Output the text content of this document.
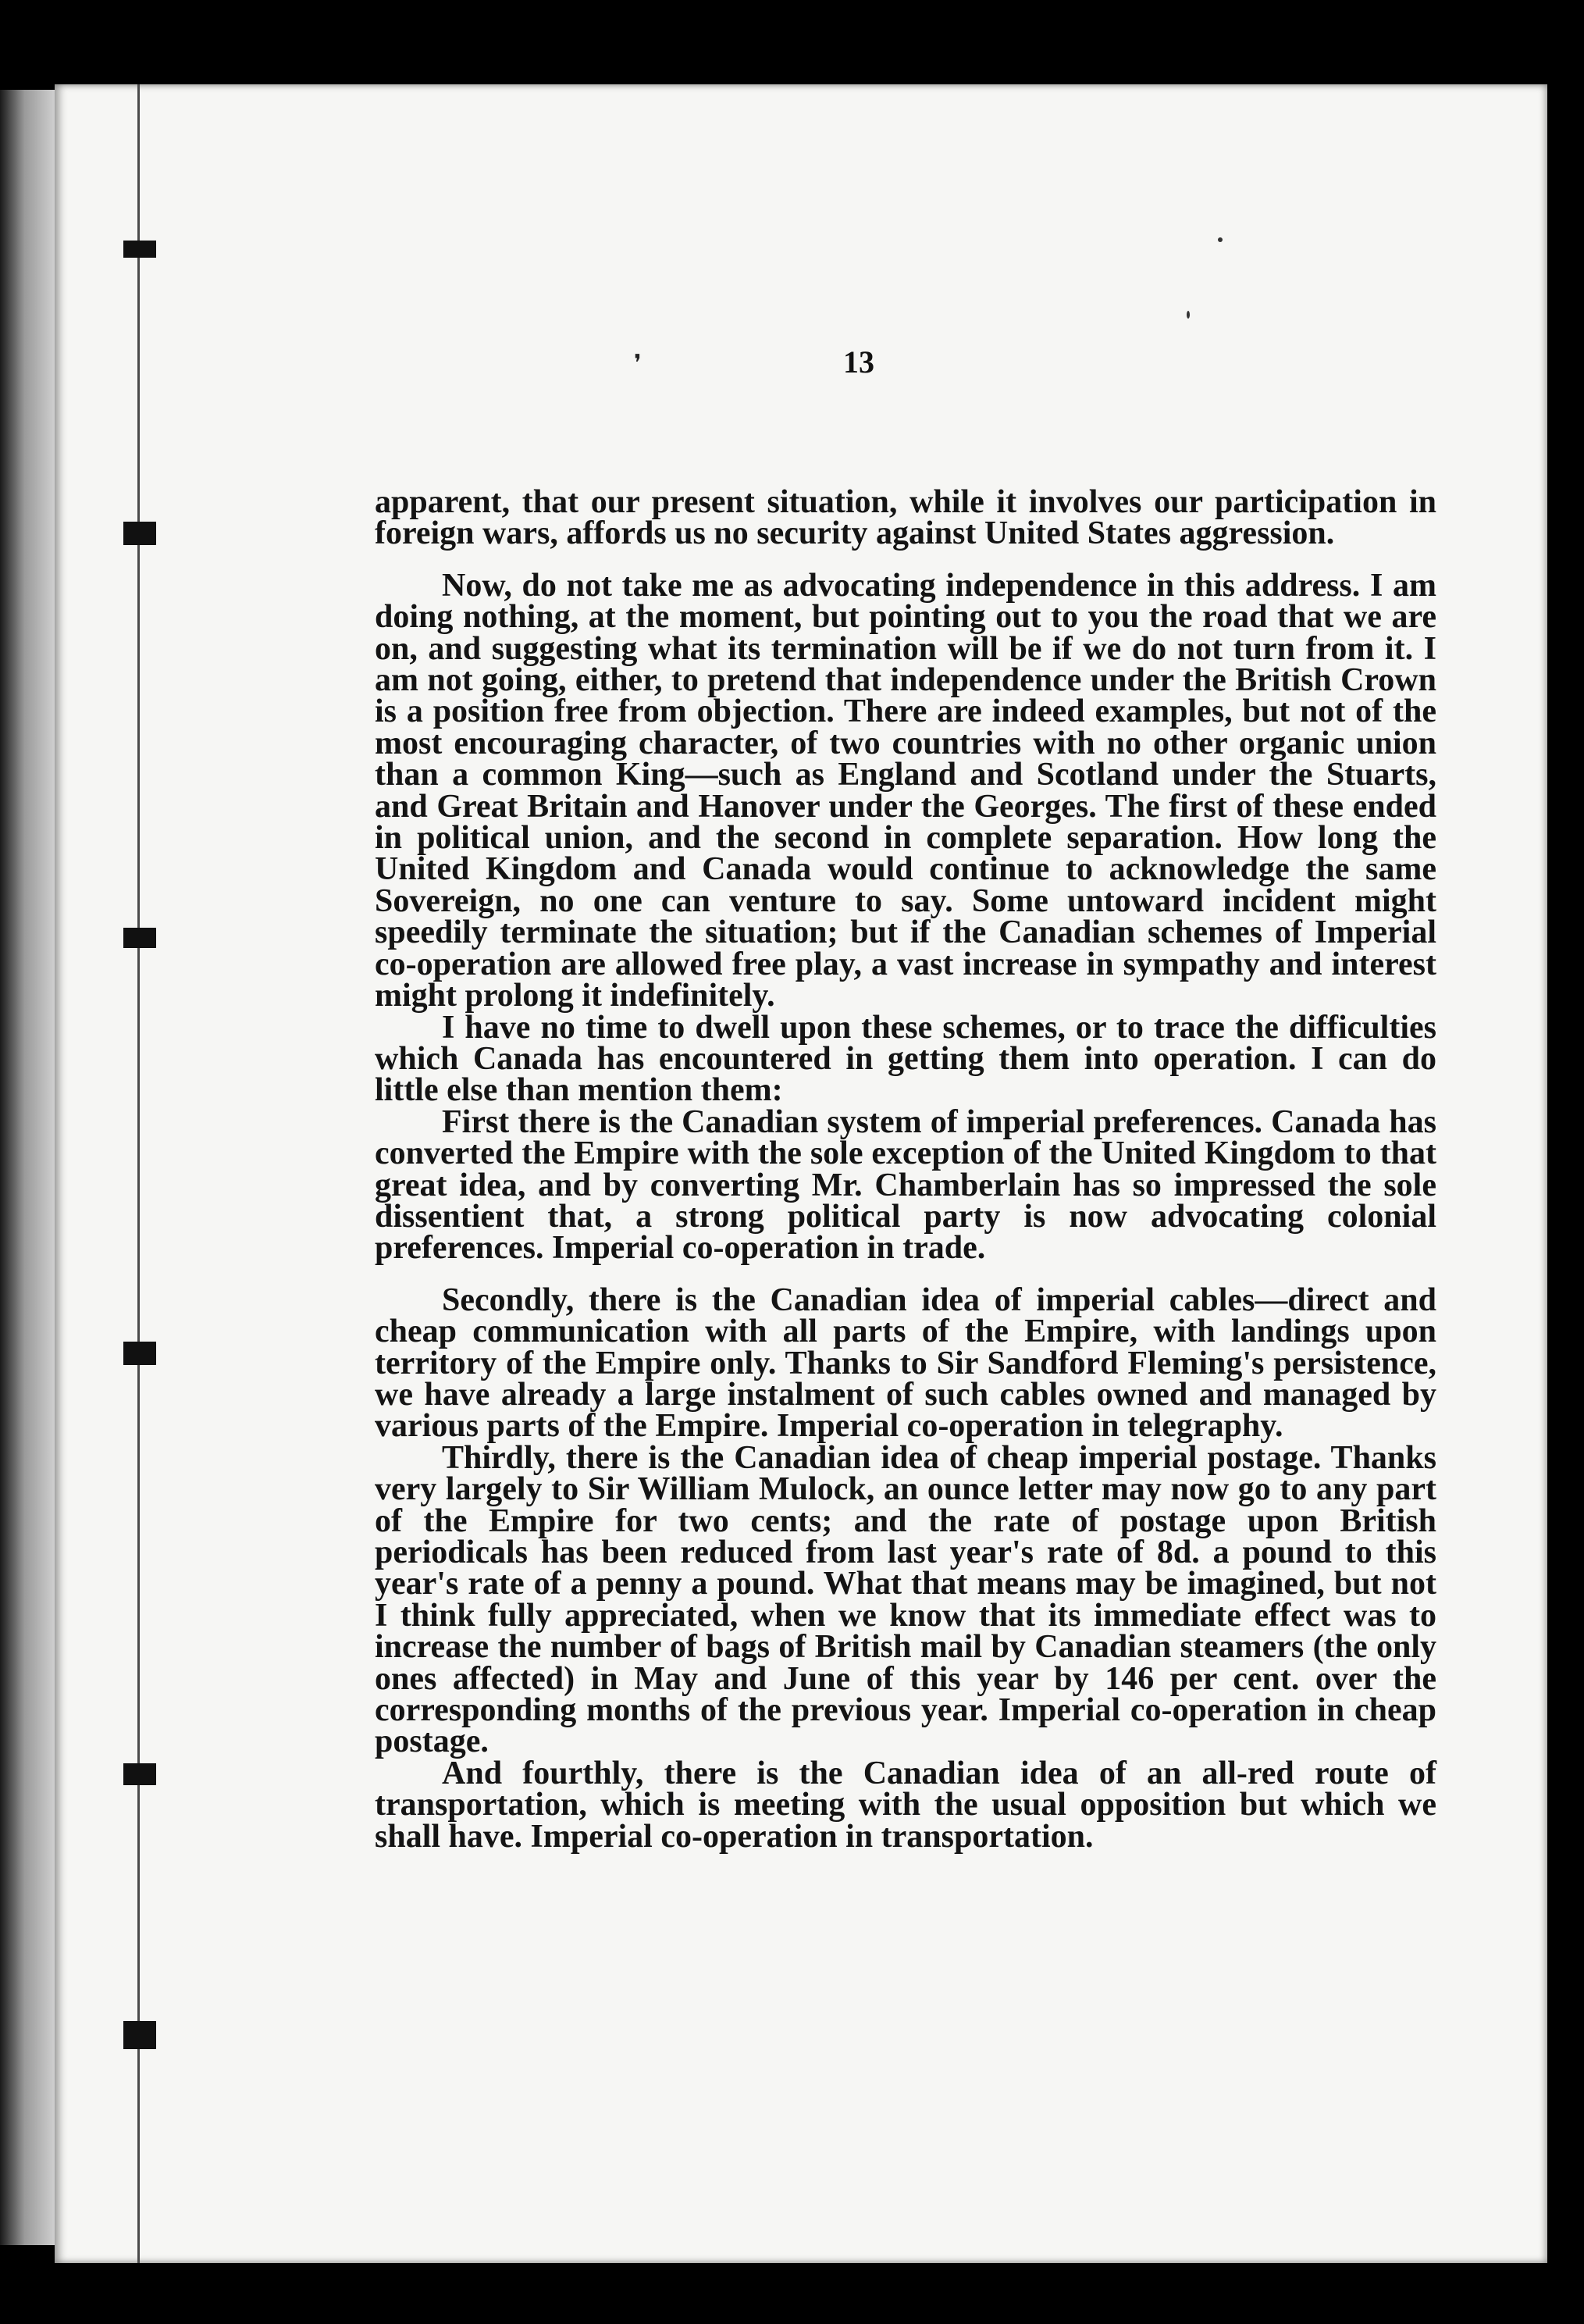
❜	13

apparent, that our present situation, while it involves our participation in foreign wars, affords us no security against United States aggression.

Now, do not take me as advocating independence in this address. I am doing nothing, at the moment, but pointing out to you the road that we are on, and suggesting what its termination will be if we do not turn from it. I am not going, either, to pretend that independence under the British Crown is a position free from objection. There are indeed examples, but not of the most encouraging character, of two countries with no other organic union than a common King—such as England and Scotland under the Stuarts, and Great Britain and Hanover under the Georges. The first of these ended in political union, and the second in complete separation. How long the United Kingdom and Canada would continue to acknowledge the same Sovereign, no one can venture to say. Some untoward incident might speedily terminate the situation; but if the Canadian schemes of Imperial co-operation are allowed free play, a vast increase in sympathy and interest might prolong it indefinitely.

I have no time to dwell upon these schemes, or to trace the difficulties which Canada has encountered in getting them into operation. I can do little else than mention them:

First there is the Canadian system of imperial preferences. Canada has converted the Empire with the sole exception of the United Kingdom to that great idea, and by converting Mr. Chamberlain has so impressed the sole dissentient that, a strong political party is now advocating colonial preferences. Imperial co-operation in trade.

Secondly, there is the Canadian idea of imperial cables—direct and cheap communication with all parts of the Empire, with landings upon territory of the Empire only. Thanks to Sir Sandford Fleming's persistence, we have already a large instalment of such cables owned and managed by various parts of the Empire. Imperial co-operation in telegraphy.

Thirdly, there is the Canadian idea of cheap imperial postage. Thanks very largely to Sir William Mulock, an ounce letter may now go to any part of the Empire for two cents; and the rate of postage upon British periodicals has been reduced from last year's rate of 8d. a pound to this year's rate of a penny a pound. What that means may be imagined, but not I think fully appreciated, when we know that its immediate effect was to increase the number of bags of British mail by Canadian steamers (the only ones affected) in May and June of this year by 146 per cent. over the corresponding months of the previous year. Imperial co-operation in cheap postage.

And fourthly, there is the Canadian idea of an all-red route of transportation, which is meeting with the usual opposition but which we shall have. Imperial co-operation in transportation.
